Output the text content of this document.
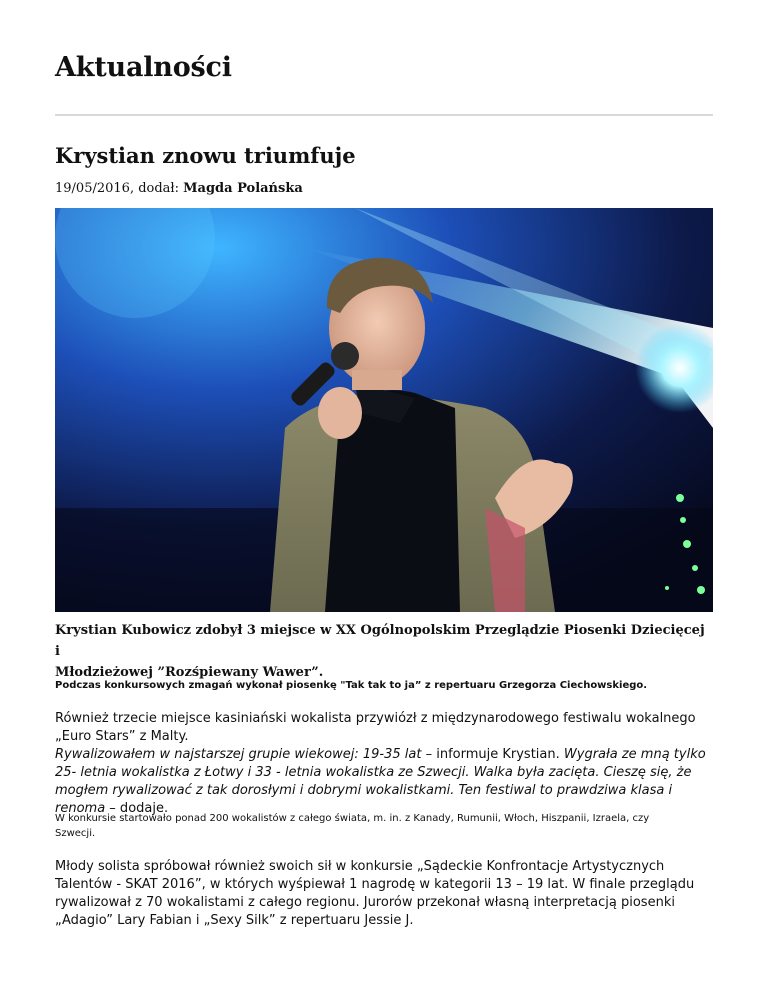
Aktualności
Krystian znowu triumfuje
19/05/2016, dodał: Magda Polańska
Krystian Kubowicz zdobył 3 miejsce w XX Ogólnopolskim Przeglądzie Piosenki Dziecięcej i
Młodzieżowej ”Rozśpiewany Wawer”.
Podczas konkursowych zmagań wykonał piosenkę "Tak tak to ja” z repertuaru Grzegorza Ciechowskiego.
Również trzecie miejsce kasiniański wokalista przywiózł z międzynarodowego festiwalu wokalnego
„Euro Stars” z Malty.
Rywalizowałem w najstarszej grupie wiekowej: 19-35 lat – informuje Krystian. Wygrała ze mną tylko
25- letnia wokalistka z Łotwy i 33 - letnia wokalistka ze Szwecji. Walka była zacięta. Cieszę się, że
mogłem rywalizować z tak dorosłymi i dobrymi wokalistkami. Ten festiwal to prawdziwa klasa i
renoma – dodaje.
W konkursie startowało ponad 200 wokalistów z całego świata, m. in. z Kanady, Rumunii, Włoch, Hiszpanii, Izraela, czy
Szwecji.
Młody solista spróbował również swoich sił w konkursie „Sądeckie Konfrontacje Artystycznych
Talentów - SKAT 2016”, w których wyśpiewał 1 nagrodę w kategorii 13 – 19 lat. W finale przeglądu
rywalizował z 70 wokalistami z całego regionu. Jurorów przekonał własną interpretacją piosenki
„Adagio” Lary Fabian i „Sexy Silk” z repertuaru Jessie J.
